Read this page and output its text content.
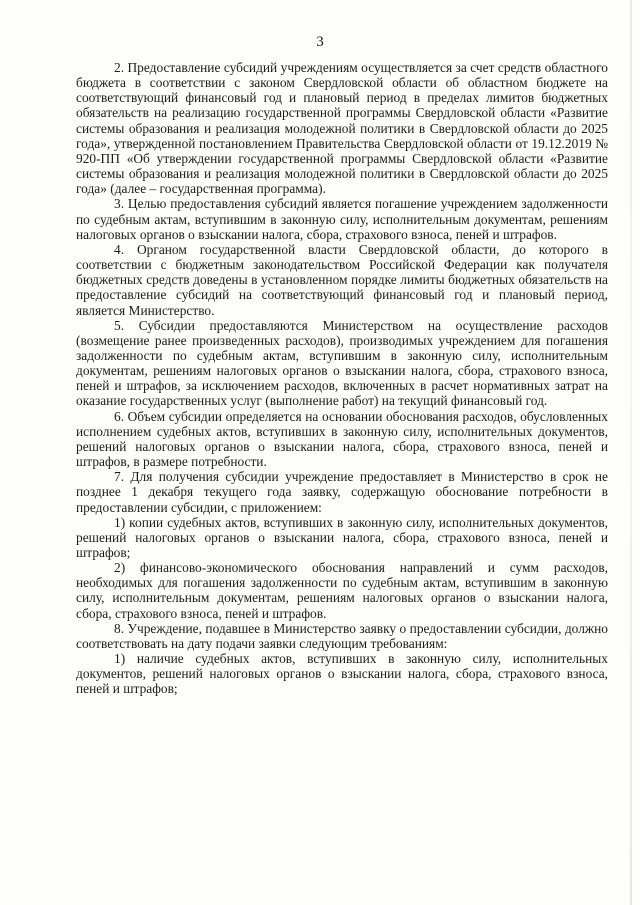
3

2. Предоставление субсидий учреждениям осуществляется за счет средств областного бюджета в соответствии с законом Свердловской области об областном бюджете на соответствующий финансовый год и плановый период в пределах лимитов бюджетных обязательств на реализацию государственной программы Свердловской области «Развитие системы образования и реализация молодежной политики в Свердловской области до 2025 года», утвержденной постановлением Правительства Свердловской области от 19.12.2019 № 920-ПП «Об утверждении государственной программы Свердловской области «Развитие системы образования и реализация молодежной политики в Свердловской области до 2025 года» (далее – государственная программа).

3. Целью предоставления субсидий является погашение учреждением задолженности по судебным актам, вступившим в законную силу, исполнительным документам, решениям налоговых органов о взыскании налога, сбора, страхового взноса, пеней и штрафов.

4. Органом государственной власти Свердловской области, до которого в соответствии с бюджетным законодательством Российской Федерации как получателя бюджетных средств доведены в установленном порядке лимиты бюджетных обязательств на предоставление субсидий на соответствующий финансовый год и плановый период, является Министерство.

5. Субсидии предоставляются Министерством на осуществление расходов (возмещение ранее произведенных расходов), производимых учреждением для погашения задолженности по судебным актам, вступившим в законную силу, исполнительным документам, решениям налоговых органов о взыскании налога, сбора, страхового взноса, пеней и штрафов, за исключением расходов, включенных в расчет нормативных затрат на оказание государственных услуг (выполнение работ) на текущий финансовый год.

6. Объем субсидии определяется на основании обоснования расходов, обусловленных исполнением судебных актов, вступивших в законную силу, исполнительных документов, решений налоговых органов о взыскании налога, сбора, страхового взноса, пеней и штрафов, в размере потребности.

7. Для получения субсидии учреждение предоставляет в Министерство в срок не позднее 1 декабря текущего года заявку, содержащую обоснование потребности в предоставлении субсидии, с приложением:

1) копии судебных актов, вступивших в законную силу, исполнительных документов, решений налоговых органов о взыскании налога, сбора, страхового взноса, пеней и штрафов;

2) финансово-экономического обоснования направлений и сумм расходов, необходимых для погашения задолженности по судебным актам, вступившим в законную силу, исполнительным документам, решениям налоговых органов о взыскании налога, сбора, страхового взноса, пеней и штрафов.

8. Учреждение, подавшее в Министерство заявку о предоставлении субсидии, должно соответствовать на дату подачи заявки следующим требованиям:

1) наличие судебных актов, вступивших в законную силу, исполнительных документов, решений налоговых органов о взыскании налога, сбора, страхового взноса, пеней и штрафов;
